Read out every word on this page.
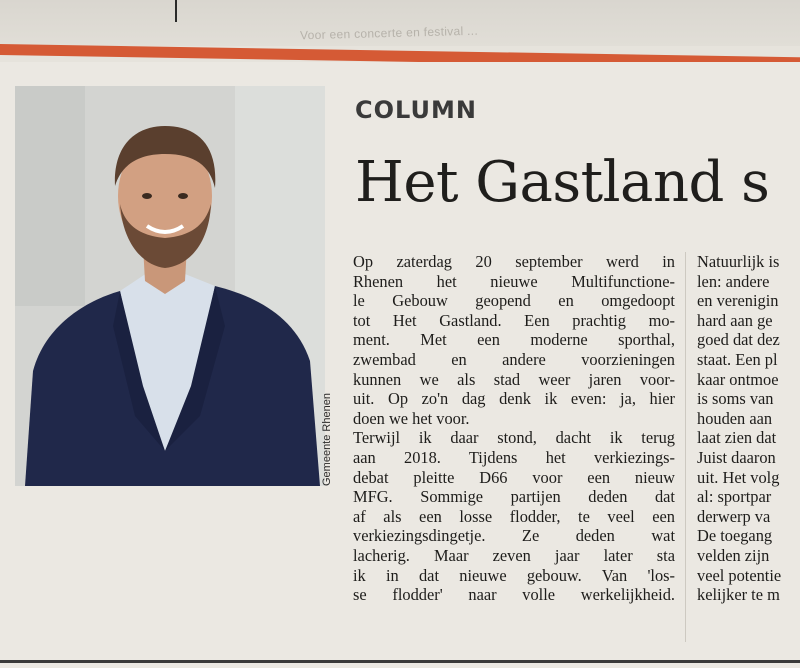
Voor een concerte en festival ...
Gemeente Rhenen
COLUMN
Het Gastland s
Op zaterdag 20 september werd in
Rhenen het nieuwe Multifunctione-
le Gebouw geopend en omgedoopt
tot Het Gastland. Een prachtig mo-
ment. Met een moderne sporthal,
zwembad en andere voorzieningen
kunnen we als stad weer jaren voor-
uit. Op zo'n dag denk ik even: ja, hier
doen we het voor.
Terwijl ik daar stond, dacht ik terug
aan 2018. Tijdens het verkiezings-
debat pleitte D66 voor een nieuw
MFG. Sommige partijen deden dat
af als een losse flodder, te veel een
verkiezingsdingetje. Ze deden wat
lacherig. Maar zeven jaar later sta
ik in dat nieuwe gebouw. Van 'los-
se flodder' naar volle werkelijkheid.
Natuurlijk is
len: andere
en verenigin
hard aan ge
goed dat dez
staat. Een pl
kaar ontmoe
is soms van
houden aan
laat zien dat
Juist daaron
uit. Het volg
al: sportpar
derwerp va
De toegang
velden zijn
veel potentie
kelijker te m
